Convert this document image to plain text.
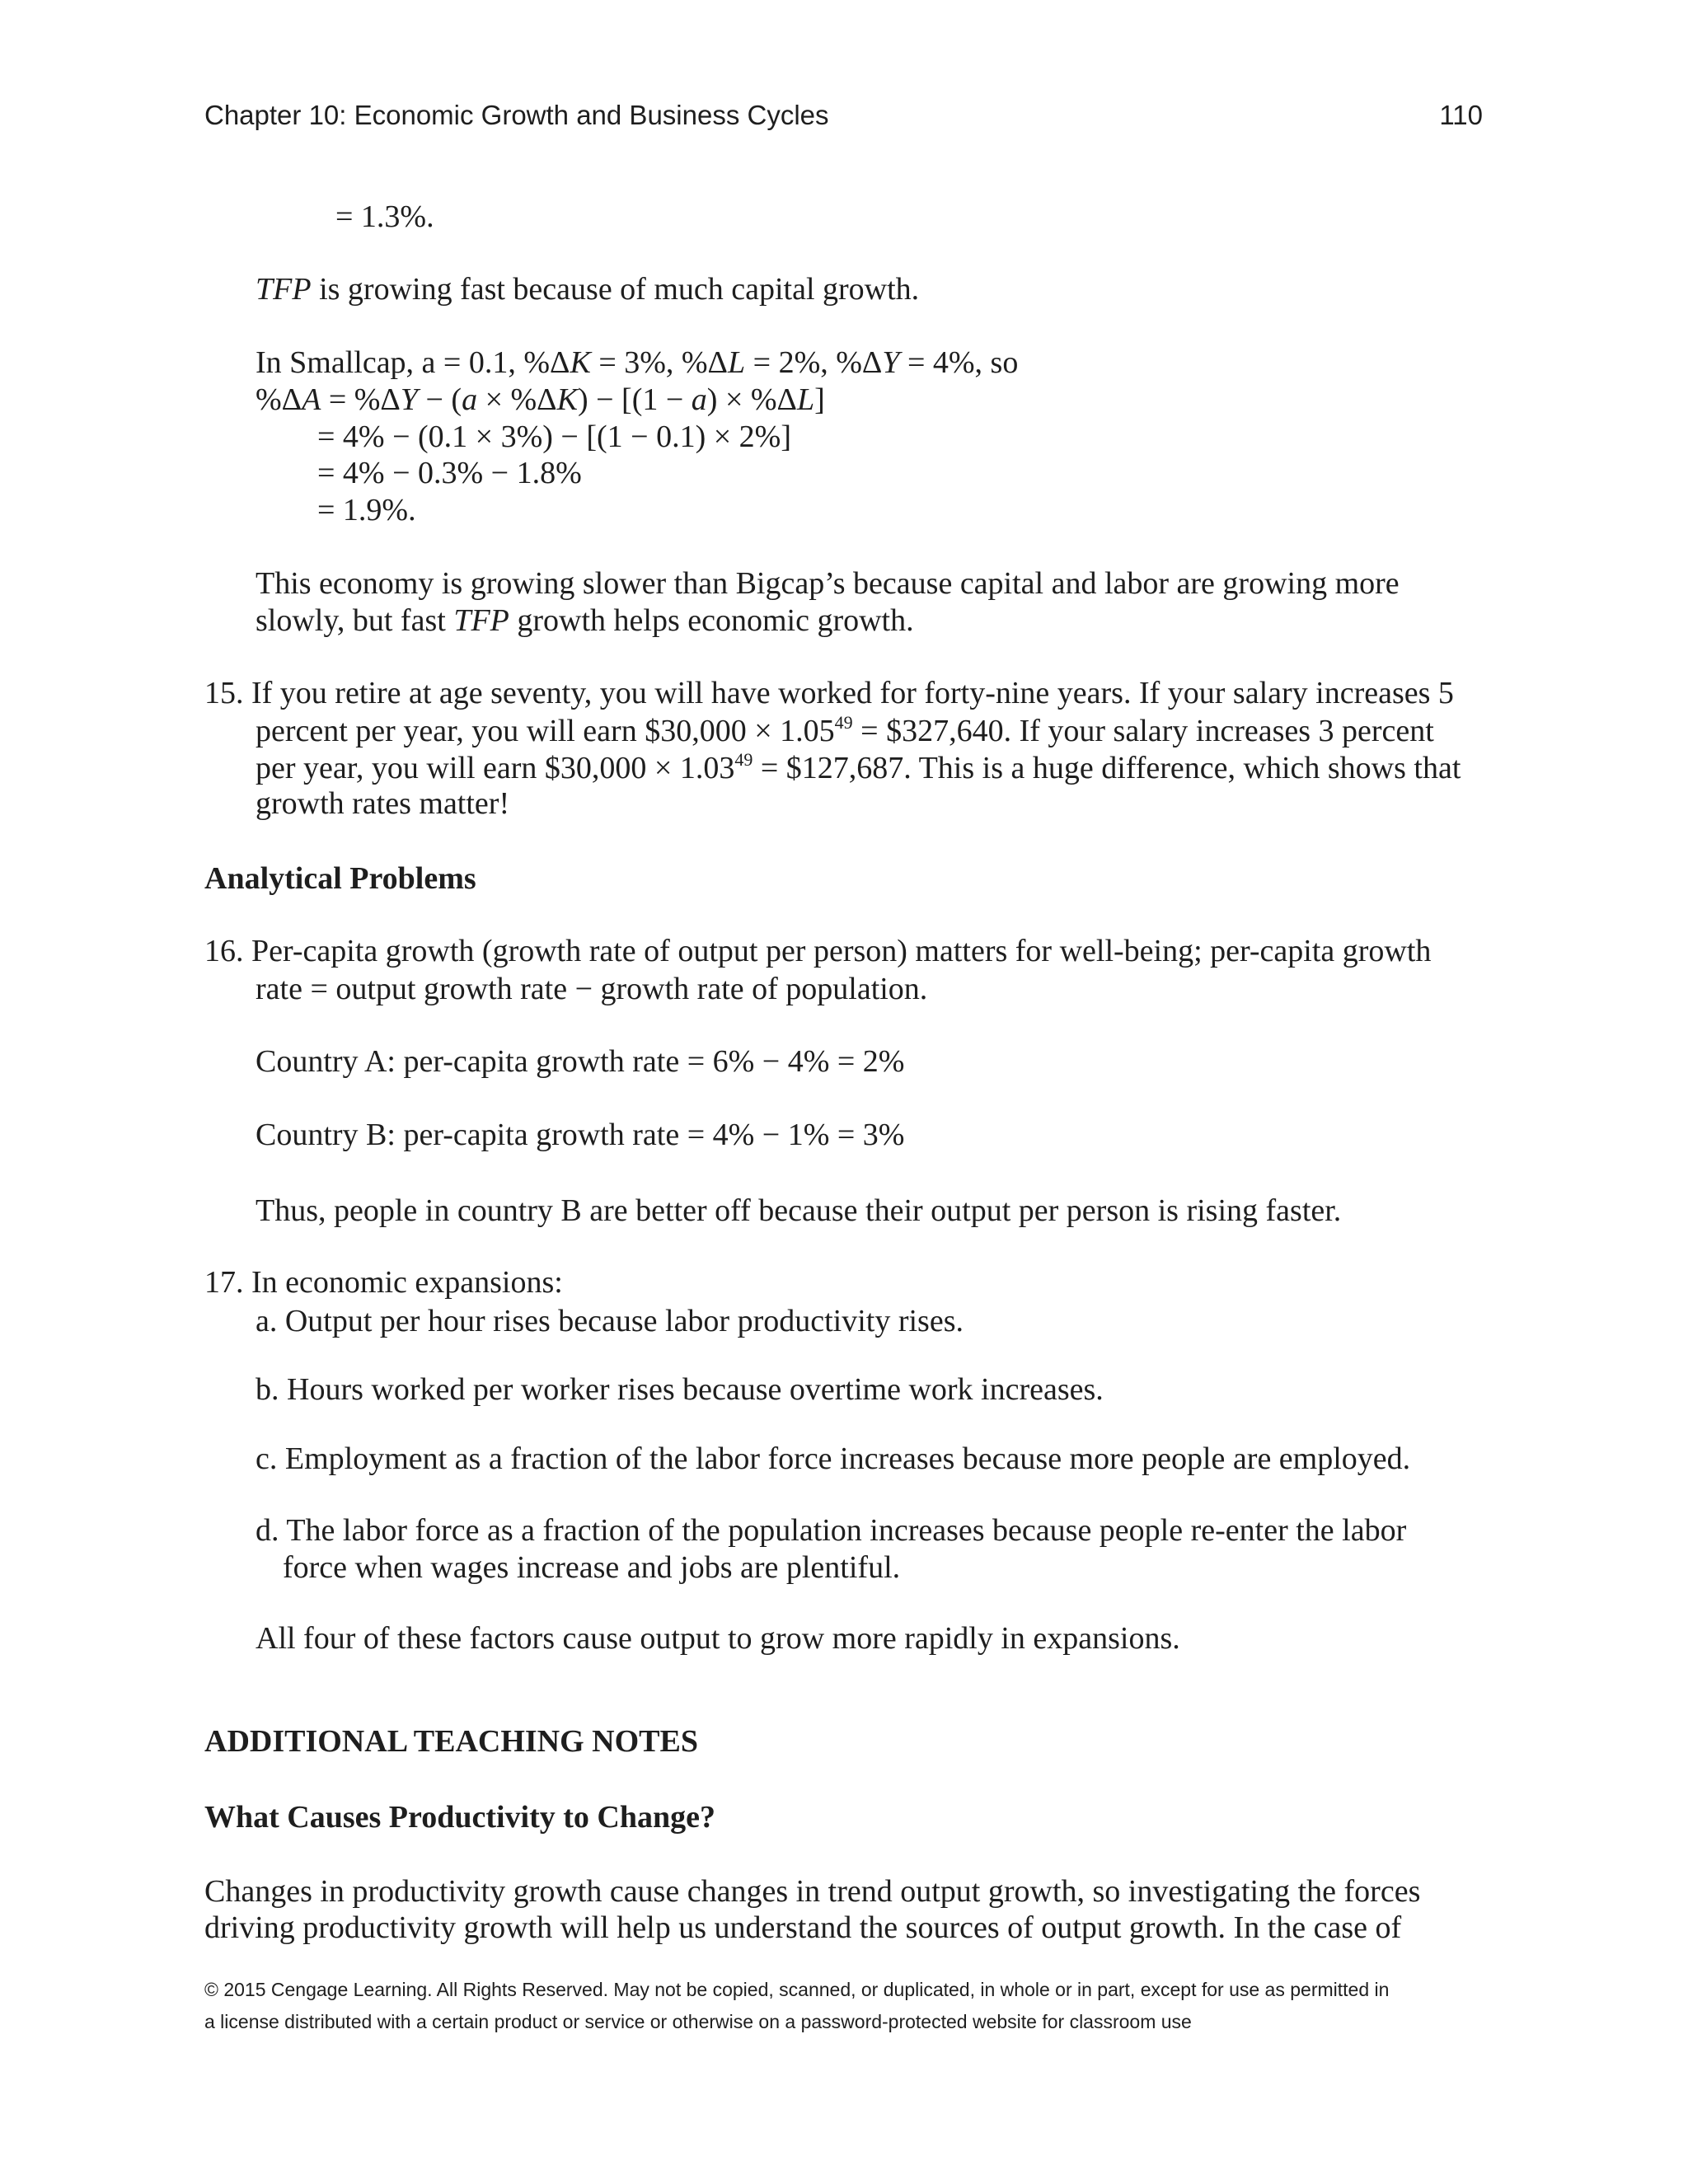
Chapter 10: Economic Growth and Business Cycles	110
= 1.3%.
TFP is growing fast because of much capital growth.
In Smallcap, a = 0.1, %ΔK = 3%, %ΔL = 2%, %ΔY = 4%, so
%ΔA = %ΔY − (a × %ΔK) − [(1 − a) × %ΔL]
= 4% − (0.1 × 3%) − [(1 − 0.1) × 2%]
= 4% − 0.3% − 1.8%
= 1.9%.
This economy is growing slower than Bigcap’s because capital and labor are growing more
slowly, but fast TFP growth helps economic growth.
15. If you retire at age seventy, you will have worked for forty-nine years. If your salary increases 5
percent per year, you will earn $30,000 × $1.05^{49}$ = $327,640. If your salary increases 3 percent
per year, you will earn $30,000 × $1.03^{49}$ = $127,687. This is a huge difference, which shows that
growth rates matter!
Analytical Problems
16. Per-capita growth (growth rate of output per person) matters for well-being; per-capita growth
rate = output growth rate − growth rate of population.
Country A: per-capita growth rate = 6% − 4% = 2%
Country B: per-capita growth rate = 4% − 1% = 3%
Thus, people in country B are better off because their output per person is rising faster.
17. In economic expansions:
a. Output per hour rises because labor productivity rises.
b. Hours worked per worker rises because overtime work increases.
c. Employment as a fraction of the labor force increases because more people are employed.
d. The labor force as a fraction of the population increases because people re-enter the labor
force when wages increase and jobs are plentiful.
All four of these factors cause output to grow more rapidly in expansions.
ADDITIONAL TEACHING NOTES
What Causes Productivity to Change?
Changes in productivity growth cause changes in trend output growth, so investigating the forces
driving productivity growth will help us understand the sources of output growth. In the case of
© 2015 Cengage Learning. All Rights Reserved. May not be copied, scanned, or duplicated, in whole or in part, except for use as permitted in
a license distributed with a certain product or service or otherwise on a password-protected website for classroom use
